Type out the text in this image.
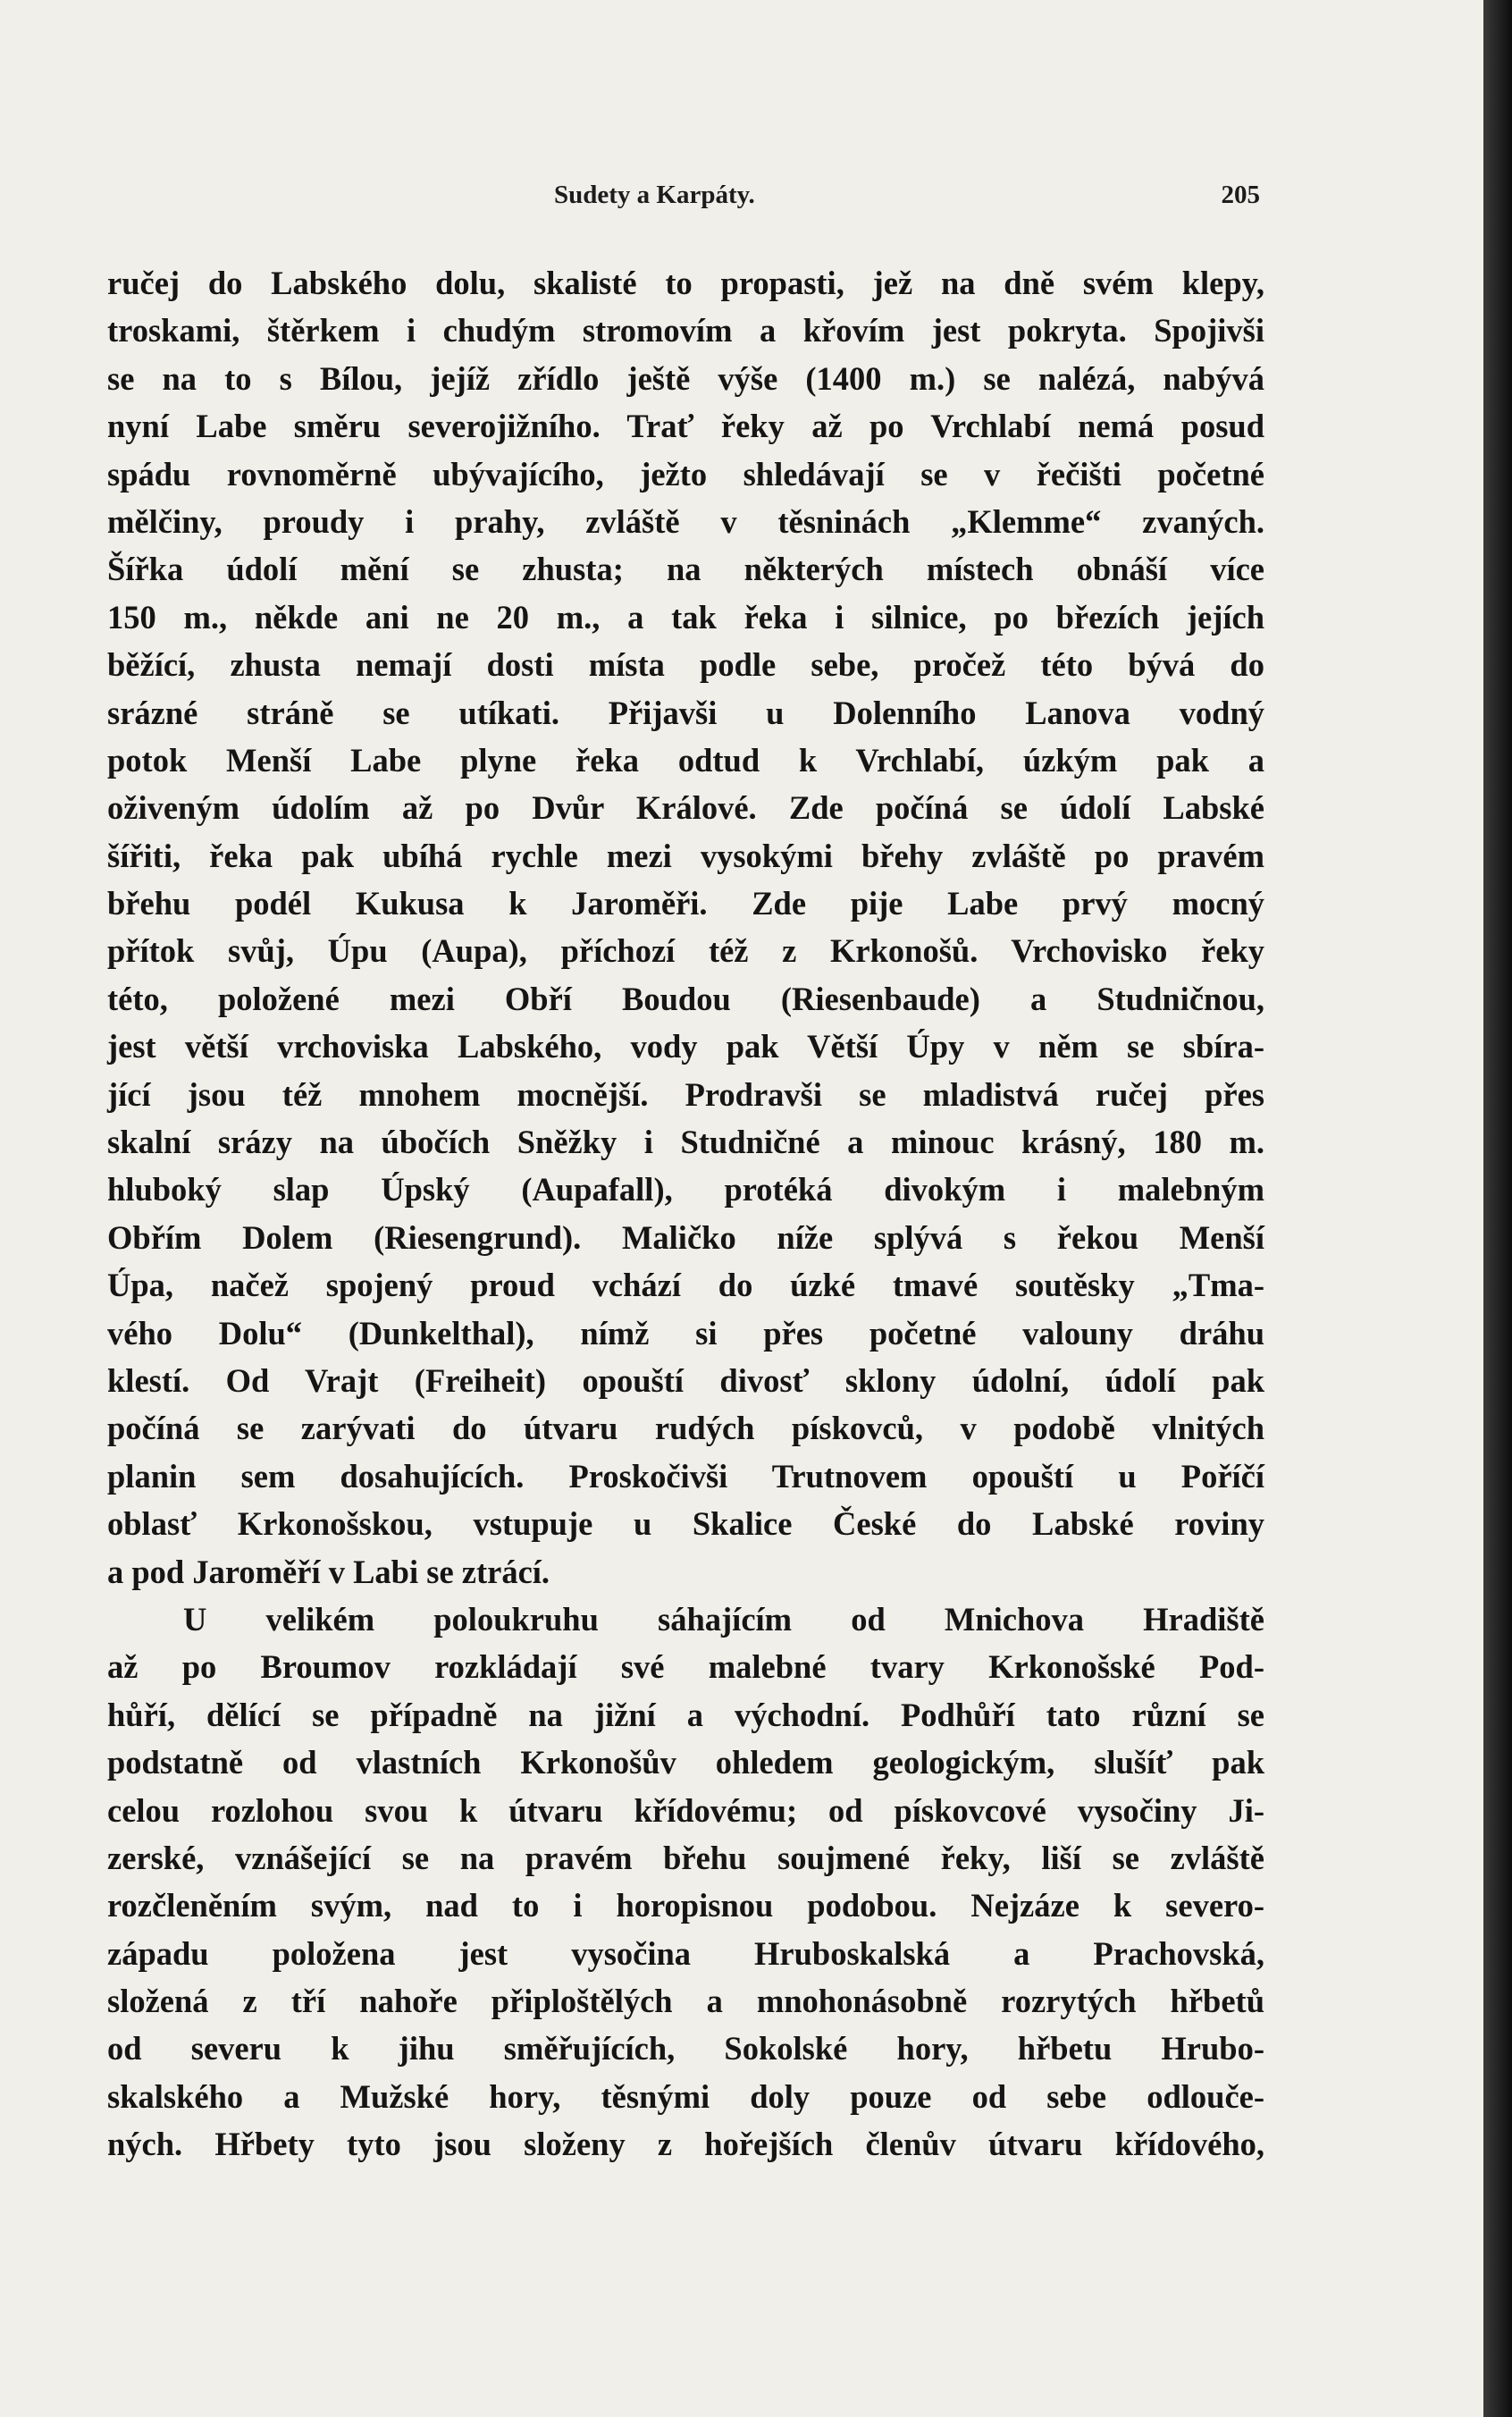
Sudety a Karpáty.	205
ručej do Labského dolu, skalisté to propasti, jež na dně svém klepy,
troskami, štěrkem i chudým stromovím a křovím jest pokryta. Spojivši
se na to s Bílou, jejíž zřídlo ještě výše (1400 m.) se nalézá, nabývá
nyní Labe směru severojižního. Trať řeky až po Vrchlabí nemá posud
spádu rovnoměrně ubývajícího, ježto shledávají se v řečišti početné
mělčiny, proudy i prahy, zvláště v těsninách „Klemme“ zvaných.
Šířka údolí mění se zhusta; na některých místech obnáší více
150 m., někde ani ne 20 m., a tak řeka i silnice, po březích jejích
běžící, zhusta nemají dosti místa podle sebe, pročež této bývá do
srázné stráně se utíkati. Přijavši u Dolenního Lanova vodný
potok Menší Labe plyne řeka odtud k Vrchlabí, úzkým pak a
oživeným údolím až po Dvůr Králové. Zde počíná se údolí Labské
šířiti, řeka pak ubíhá rychle mezi vysokými břehy zvláště po pravém
břehu podél Kukusa k Jaroměři. Zde pije Labe prvý mocný
přítok svůj, Úpu (Aupa), příchozí též z Krkonošů. Vrchovisko řeky
této, položené mezi Obří Boudou (Riesenbaude) a Studničnou,
jest větší vrchoviska Labského, vody pak Větší Úpy v něm se sbíra-
jící jsou též mnohem mocnější. Prodravši se mladistvá ručej přes
skalní srázy na úbočích Sněžky i Studničné a minouc krásný, 180 m.
hluboký slap Úpský (Aupafall), protéká divokým i malebným
Obřím Dolem (Riesengrund). Maličko níže splývá s řekou Menší
Úpa, načež spojený proud vchází do úzké tmavé soutěsky „Tma-
vého Dolu“ (Dunkelthal), nímž si přes početné valouny dráhu
klestí. Od Vrajt (Freiheit) opouští divosť sklony údolní, údolí pak
počíná se zarývati do útvaru rudých pískovců, v podobě vlnitých
planin sem dosahujících. Proskočivši Trutnovem opouští u Poříčí
oblasť Krkonošskou, vstupuje u Skalice České do Labské roviny
a pod Jaroměří v Labi se ztrácí.
U velikém poloukruhu sáhajícím od Mnichova Hradiště
až po Broumov rozkládají své malebné tvary Krkonošské Pod-
hůří, dělící se případně na jižní a východní. Podhůří tato různí se
podstatně od vlastních Krkonošův ohledem geologickým, slušíť pak
celou rozlohou svou k útvaru křídovému; od pískovcové vysočiny Ji-
zerské, vznášející se na pravém břehu soujmené řeky, liší se zvláště
rozčleněním svým, nad to i horopisnou podobou. Nejzáze k severo-
západu položena jest vysočina Hruboskalská a Prachovská,
složená z tří nahoře připloštělých a mnohonásobně rozrytých hřbetů
od severu k jihu směřujících, Sokolské hory, hřbetu Hrubo-
skalského a Mužské hory, těsnými doly pouze od sebe odlouče-
ných. Hřbety tyto jsou složeny z hořejších členův útvaru křídového,
